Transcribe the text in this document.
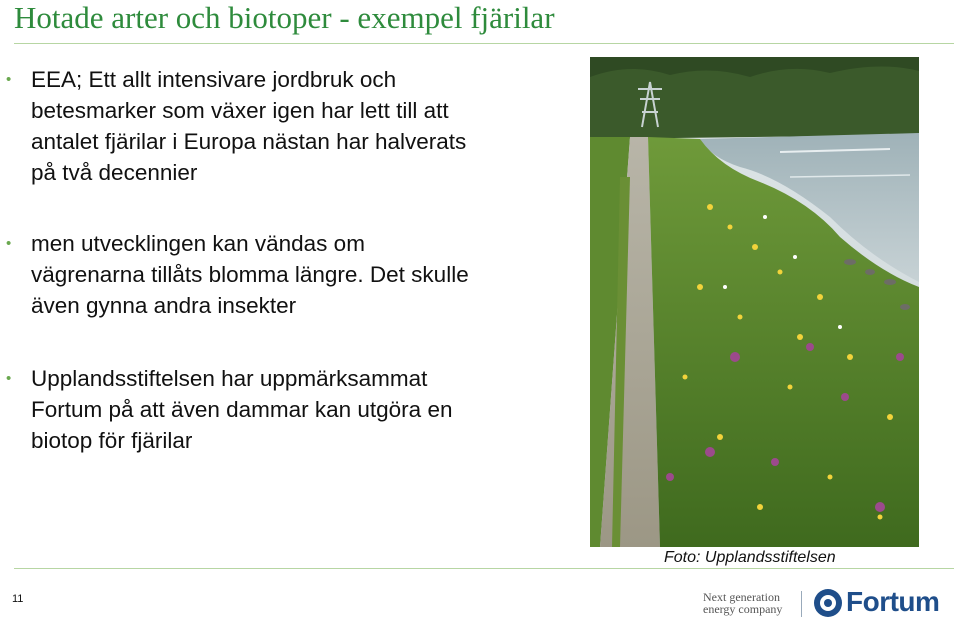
Hotade arter och biotoper - exempel fjärilar
• EEA; Ett allt intensivare jordbruk och betesmarker som växer igen har lett till att antalet fjärilar i Europa nästan har halverats på två decennier
• men utvecklingen kan vändas om vägrenarna tillåts blomma längre. Det skulle även gynna andra insekter
• Upplandsstiftelsen har uppmärksammat Fortum på att även dammar kan utgöra en biotop för fjärilar
Foto: Upplandsstiftelsen
11	Next generation
energy company	Fortum
